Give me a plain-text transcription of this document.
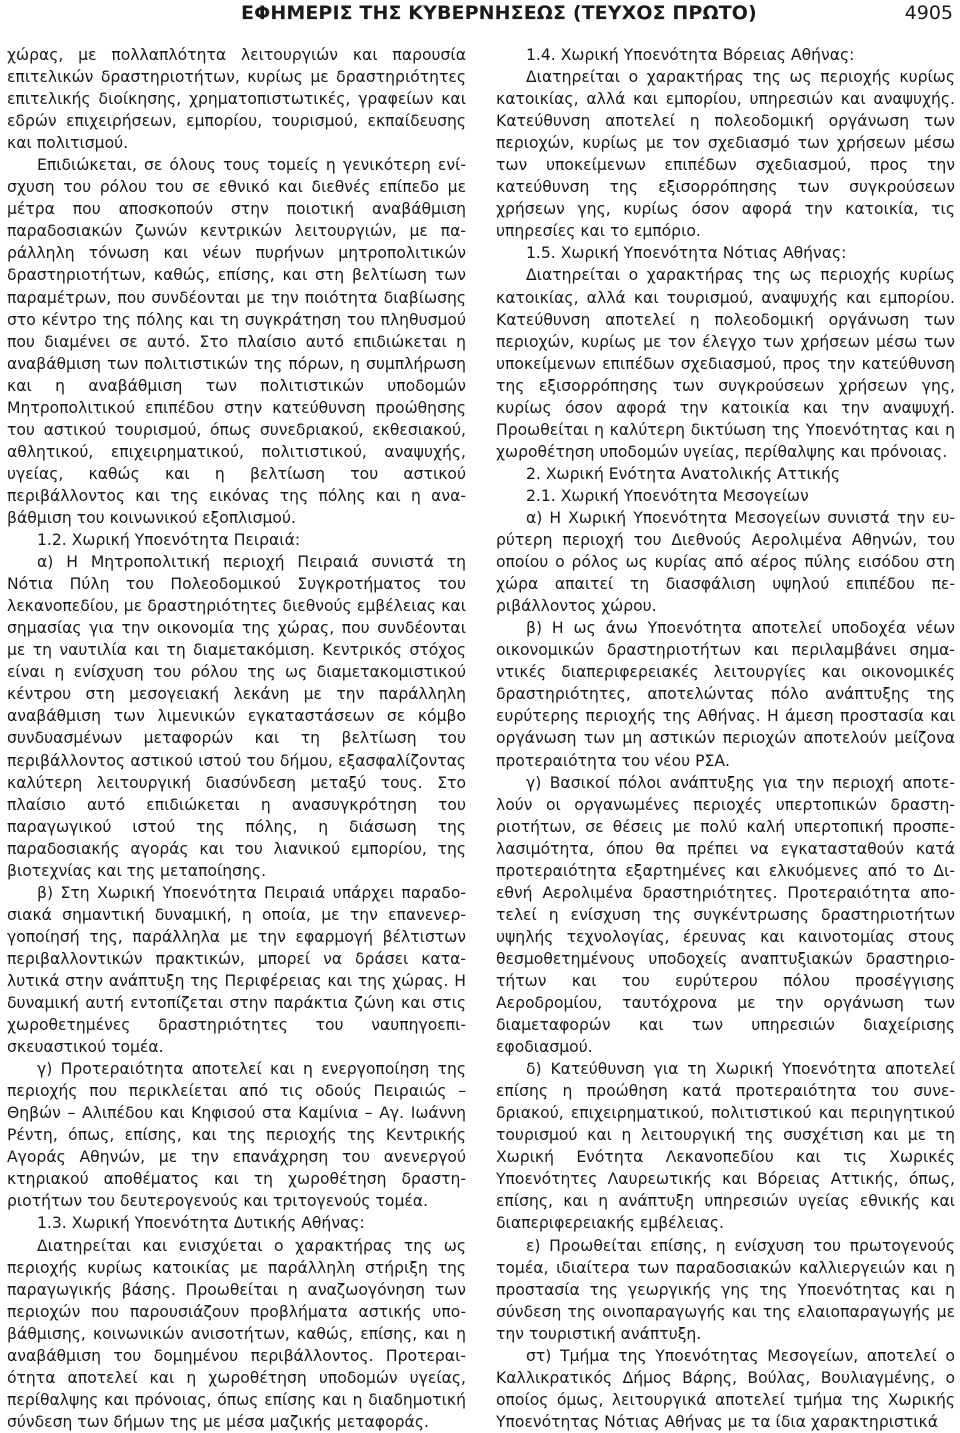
ΕΦΗΜΕΡΙΣ ΤΗΣ ΚΥΒΕΡΝΗΣΕΩΣ (ΤΕΥΧΟΣ ΠΡΩΤΟ)	4905

χώρας, με πολλαπλότητα λειτουργιών και παρουσία επιτελικών δραστηριοτήτων, κυρίως με δραστηριότητες επιτελικής διοίκησης, χρηματοπιστωτικές, γραφείων και εδρών επιχειρήσεων, εμπορίου, τουρισμού, εκπαίδευσης και πολιτισμού.

Επιδιώκεται, σε όλους τους τομείς η γενικότερη ενίσχυση του ρόλου του σε εθνικό και διεθνές επίπεδο με μέτρα που αποσκοπούν στην ποιοτική αναβάθμιση παραδοσιακών ζωνών κεντρικών λειτουργιών, με παράλληλη τόνωση και νέων πυρήνων μητροπολιτικών δραστηριοτήτων, καθώς, επίσης, και στη βελτίωση των παραμέτρων, που συνδέονται με την ποιότητα διαβίωσης στο κέντρο της πόλης και τη συγκράτηση του πληθυσμού που διαμένει σε αυτό. Στο πλαίσιο αυτό επιδιώκεται η αναβάθμιση των πολιτιστικών της πόρων, η συμπλήρωση και η αναβάθμιση των πολιτιστικών υποδομών Μητροπολιτικού επιπέδου στην κατεύθυνση προώθησης του αστικού τουρισμού, όπως συνεδριακού, εκθεσιακού, αθλητικού, επιχειρηματικού, πολιτιστικού, αναψυχής, υγείας, καθώς και η βελτίωση του αστικού περιβάλλοντος και της εικόνας της πόλης και η αναβάθμιση του κοινωνικού εξοπλισμού.

1.2. Χωρική Υποενότητα Πειραιά:

α) Η Μητροπολιτική περιοχή Πειραιά συνιστά τη Νότια Πύλη του Πολεοδομικού Συγκροτήματος του λεκανοπεδίου, με δραστηριότητες διεθνούς εμβέλειας και σημασίας για την οικονομία της χώρας, που συνδέονται με τη ναυτιλία και τη διαμετακόμιση. Κεντρικός στόχος είναι η ενίσχυση του ρόλου της ως διαμετακομιστικού κέντρου στη μεσογειακή λεκάνη με την παράλληλη αναβάθμιση των λιμενικών εγκαταστάσεων σε κόμβο συνδυασμένων μεταφορών και τη βελτίωση του περιβάλλοντος αστικού ιστού του δήμου, εξασφαλίζοντας καλύτερη λειτουργική διασύνδεση μεταξύ τους. Στο πλαίσιο αυτό επιδιώκεται η ανασυγκρότηση του παραγωγικού ιστού της πόλης, η διάσωση της παραδοσιακής αγοράς και του λιανικού εμπορίου, της βιοτεχνίας και της μεταποίησης.

β) Στη Χωρική Υποενότητα Πειραιά υπάρχει παραδοσιακά σημαντική δυναμική, η οποία, με την επανενεργοποίησή της, παράλληλα με την εφαρμογή βέλτιστων περιβαλλοντικών πρακτικών, μπορεί να δράσει καταλυτικά στην ανάπτυξη της Περιφέρειας και της χώρας. Η δυναμική αυτή εντοπίζεται στην παράκτια ζώνη και στις χωροθετημένες δραστηριότητες του ναυπηγοεπισκευαστικού τομέα.

γ) Προτεραιότητα αποτελεί και η ενεργοποίηση της περιοχής που περικλείεται από τις οδούς Πειραιώς – Θηβών – Αλιπέδου και Κηφισού στα Καμίνια – Αγ. Ιωάννη Ρέντη, όπως, επίσης, και της περιοχής της Κεντρικής Αγοράς Αθηνών, με την επανάχρηση του ανενεργού κτηριακού αποθέματος και τη χωροθέτηση δραστηριοτήτων του δευτερογενούς και τριτογενούς τομέα.

1.3. Χωρική Υποενότητα Δυτικής Αθήνας:

Διατηρείται και ενισχύεται ο χαρακτήρας της ως περιοχής κυρίως κατοικίας με παράλληλη στήριξη της παραγωγικής βάσης. Προωθείται η αναζωογόνηση των περιοχών που παρουσιάζουν προβλήματα αστικής υποβάθμισης, κοινωνικών ανισοτήτων, καθώς, επίσης, και η αναβάθμιση του δομημένου περιβάλλοντος. Προτεραιότητα αποτελεί και η χωροθέτηση υποδομών υγείας, περίθαλψης και πρόνοιας, όπως επίσης και η διαδημοτική σύνδεση των δήμων της με μέσα μαζικής μεταφοράς.

1.4. Χωρική Υποενότητα Βόρειας Αθήνας:

Διατηρείται ο χαρακτήρας της ως περιοχής κυρίως κατοικίας, αλλά και εμπορίου, υπηρεσιών και αναψυχής. Κατεύθυνση αποτελεί η πολεοδομική οργάνωση των περιοχών, κυρίως με τον σχεδιασμό των χρήσεων μέσω των υποκείμενων επιπέδων σχεδιασμού, προς την κατεύθυνση της εξισορρόπησης των συγκρούσεων χρήσεων γης, κυρίως όσον αφορά την κατοικία, τις υπηρεσίες και το εμπόριο.

1.5. Χωρική Υποενότητα Νότιας Αθήνας:

Διατηρείται ο χαρακτήρας της ως περιοχής κυρίως κατοικίας, αλλά και τουρισμού, αναψυχής και εμπορίου. Κατεύθυνση αποτελεί η πολεοδομική οργάνωση των περιοχών, κυρίως με τον έλεγχο των χρήσεων μέσω των υποκείμενων επιπέδων σχεδιασμού, προς την κατεύθυνση της εξισορρόπησης των συγκρούσεων χρήσεων γης, κυρίως όσον αφορά την κατοικία και την αναψυχή. Προωθείται η καλύτερη δικτύωση της Υποενότητας και η χωροθέτηση υποδομών υγείας, περίθαλψης και πρόνοιας.

2. Χωρική Ενότητα Ανατολικής Αττικής

2.1. Χωρική Υποενότητα Μεσογείων

α) Η Χωρική Υποενότητα Μεσογείων συνιστά την ευρύτερη περιοχή του Διεθνούς Αερολιμένα Αθηνών, του οποίου ο ρόλος ως κυρίας από αέρος πύλης εισόδου στη χώρα απαιτεί τη διασφάλιση υψηλού επιπέδου περιβάλλοντος χώρου.

β) Η ως άνω Υποενότητα αποτελεί υποδοχέα νέων οικονομικών δραστηριοτήτων και περιλαμβάνει σημαντικές διαπεριφερειακές λειτουργίες και οικονομικές δραστηριότητες, αποτελώντας πόλο ανάπτυξης της ευρύτερης περιοχής της Αθήνας. Η άμεση προστασία και οργάνωση των μη αστικών περιοχών αποτελούν μείζονα προτεραιότητα του νέου ΡΣΑ.

γ) Βασικοί πόλοι ανάπτυξης για την περιοχή αποτελούν οι οργανωμένες περιοχές υπερτοπικών δραστηριοτήτων, σε θέσεις με πολύ καλή υπερτοπική προσπελασιμότητα, όπου θα πρέπει να εγκατασταθούν κατά προτεραιότητα εξαρτημένες και ελκυόμενες από το Διεθνή Αερολιμένα δραστηριότητες. Προτεραιότητα αποτελεί η ενίσχυση της συγκέντρωσης δραστηριοτήτων υψηλής τεχνολογίας, έρευνας και καινοτομίας στους θεσμοθετημένους υποδοχείς αναπτυξιακών δραστηριοτήτων και του ευρύτερου πόλου προσέγγισης Αεροδρομίου, ταυτόχρονα με την οργάνωση των διαμεταφορών και των υπηρεσιών διαχείρισης εφοδιασμού.

δ) Κατεύθυνση για τη Χωρική Υποενότητα αποτελεί επίσης η προώθηση κατά προτεραιότητα του συνεδριακού, επιχειρηματικού, πολιτιστικού και περιηγητικού τουρισμού και η λειτουργική της συσχέτιση και με τη Χωρική Ενότητα Λεκανοπεδίου και τις Χωρικές Υποενότητες Λαυρεωτικής και Βόρειας Αττικής, όπως, επίσης, και η ανάπτυξη υπηρεσιών υγείας εθνικής και διαπεριφερειακής εμβέλειας.

ε) Προωθείται επίσης, η ενίσχυση του πρωτογενούς τομέα, ιδιαίτερα των παραδοσιακών καλλιεργειών και η προστασία της γεωργικής γης της Υποενότητας και η σύνδεση της οινοπαραγωγής και της ελαιοπαραγωγής με την τουριστική ανάπτυξη.

στ) Τμήμα της Υποενότητας Μεσογείων, αποτελεί ο Καλλικρατικός Δήμος Βάρης, Βούλας, Βουλιαγμένης, ο οποίος όμως, λειτουργικά αποτελεί τμήμα της Χωρικής Υποενότητας Νότιας Αθήνας με τα ίδια χαρακτηριστικά
